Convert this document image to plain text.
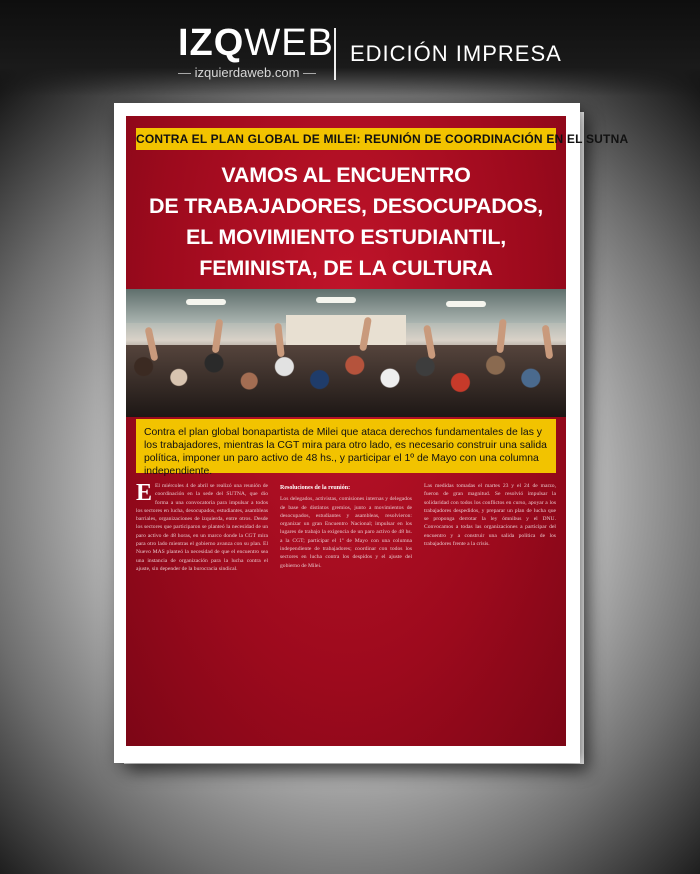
IZQWEB
— izquierdaweb.com —
EDICIÓN IMPRESA
CONTRA EL PLAN GLOBAL DE MILEI: REUNIÓN DE COORDINACIÓN EN EL SUTNA
VAMOS AL ENCUENTRO
DE TRABAJADORES, DESOCUPADOS,
EL MOVIMIENTO ESTUDIANTIL,
FEMINISTA, DE LA CULTURA
Contra el plan global bonapartista de Milei que ataca derechos fundamentales de las y los trabajadores, mientras la CGT mira para otro lado, es necesario construir una salida política, imponer un paro activo de 48 hs., y participar el 1º de Mayo con una columna independiente.

E El miércoles 4 de abril se realizó una reunión de coordinación en la sede del SUTNA, que dio forma a una convocatoria para impulsar a todos los sectores en lucha, desocupados, estudiantes, asambleas barriales, organizaciones de izquierda, entre otros. Desde los sectores que participaron se planteó la necesidad de un paro activo de 48 horas, en un marco donde la CGT mira para otro lado mientras el gobierno avanza con su plan. El Nuevo MAS planteó la necesidad de que el encuentro sea una instancia de organización para la lucha contra el ajuste, sin depender de la burocracia sindical.

Resoluciones de la reunión:

Los delegados, activistas, comisiones internas y delegados de base de distintos gremios, junto a movimientos de desocupados, estudiantes y asambleas, resolvieron: organizar un gran Encuentro Nacional; impulsar en los lugares de trabajo la exigencia de un paro activo de 48 hs. a la CGT; participar el 1º de Mayo con una columna independiente de trabajadores; coordinar con todos los sectores en lucha contra los despidos y el ajuste del gobierno de Milei.

Las medidas tomadas el martes 23 y el 24 de marzo, fueron de gran magnitud. Se resolvió impulsar la solidaridad con todos los conflictos en curso, apoyar a los trabajadores despedidos, y preparar un plan de lucha que se proponga derrotar la ley ómnibus y el DNU. Convocamos a todas las organizaciones a participar del encuentro y a construir una salida política de los trabajadores frente a la crisis.
